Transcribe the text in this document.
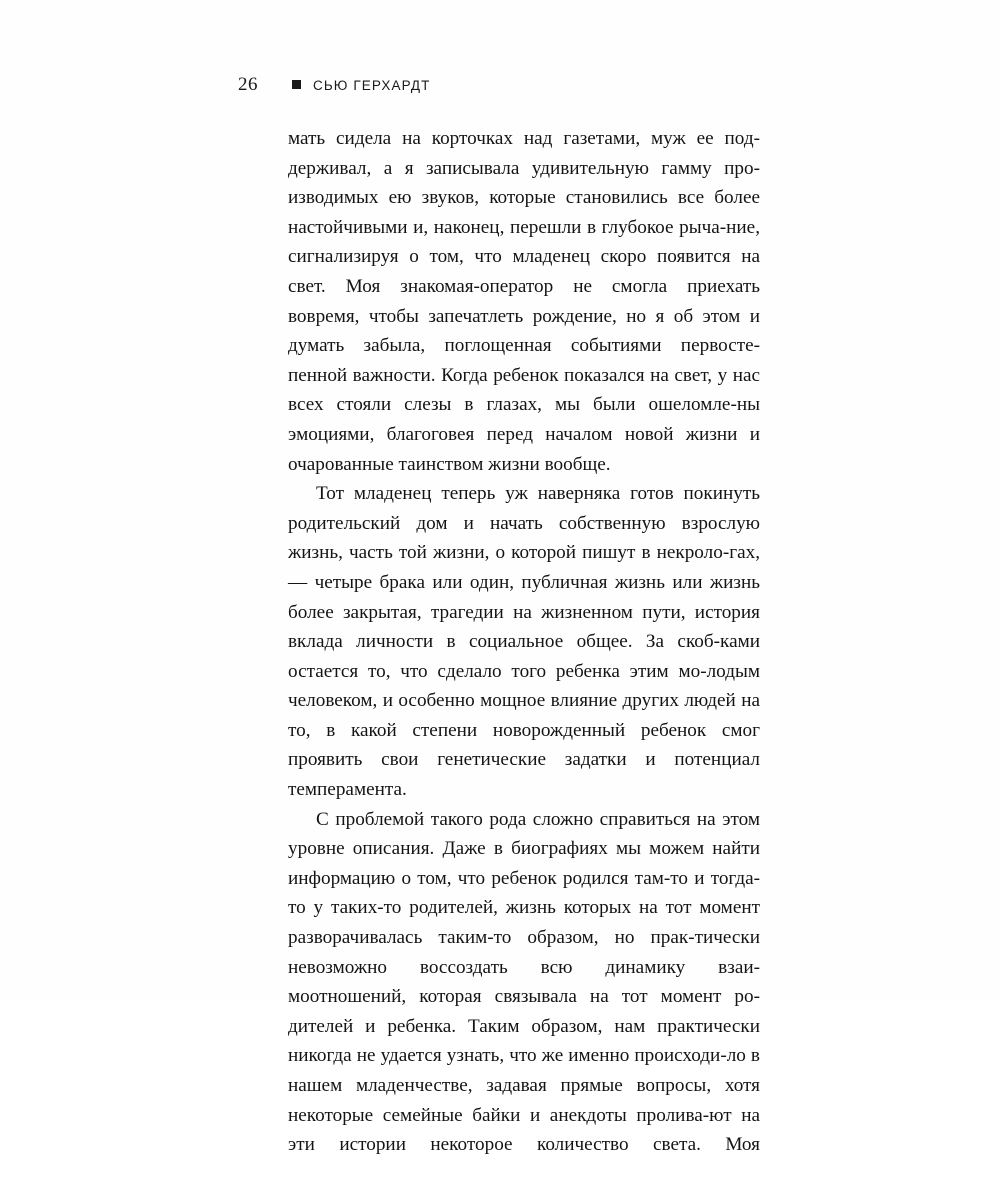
26	СЬЮ ГЕРХАРДТ

мать сидела на корточках над газетами, муж ее под-держивал, а я записывала удивительную гамму про-изводимых ею звуков, которые становились все более настойчивыми и, наконец, перешли в глубокое рыча-ние, сигнализируя о том, что младенец скоро появится на свет. Моя знакомая-оператор не смогла приехать вовремя, чтобы запечатлеть рождение, но я об этом и думать забыла, поглощенная событиями первосте-пенной важности. Когда ребенок показался на свет, у нас всех стояли слезы в глазах, мы были ошеломле-ны эмоциями, благоговея перед началом новой жизни и очарованные таинством жизни вообще.

Тот младенец теперь уж наверняка готов покинуть родительский дом и начать собственную взрослую жизнь, часть той жизни, о которой пишут в некроло-гах, — четыре брака или один, публичная жизнь или жизнь более закрытая, трагедии на жизненном пути, история вклада личности в социальное общее. За скоб-ками остается то, что сделало того ребенка этим мо-лодым человеком, и особенно мощное влияние других людей на то, в какой степени новорожденный ребенок смог проявить свои генетические задатки и потенциал темперамента.

С проблемой такого рода сложно справиться на этом уровне описания. Даже в биографиях мы можем найти информацию о том, что ребенок родился там-то и тогда-то у таких-то родителей, жизнь которых на тот момент разворачивалась таким-то образом, но прак-тически невозможно воссоздать всю динамику взаи-моотношений, которая связывала на тот момент ро-дителей и ребенка. Таким образом, нам практически никогда не удается узнать, что же именно происходи-ло в нашем младенчестве, задавая прямые вопросы, хотя некоторые семейные байки и анекдоты пролива-ют на эти истории некоторое количество света. Моя
